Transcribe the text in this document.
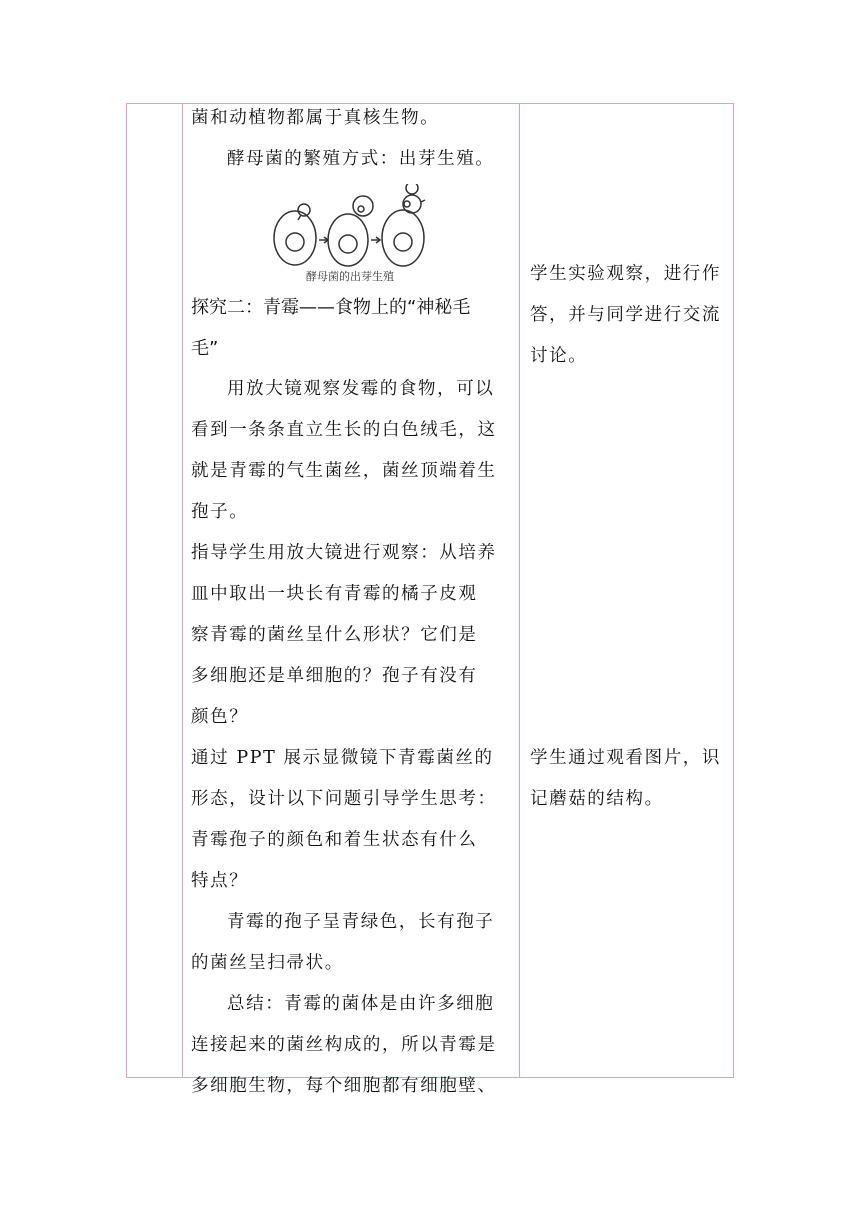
菌和动植物都属于真核生物。

酵母菌的繁殖方式：出芽生殖。

酵母菌的出芽生殖

探究二：青霉——食物上的“神秘毛

毛”

用放大镜观察发霉的食物，可以

看到一条条直立生长的白色绒毛，这

就是青霉的气生菌丝，菌丝顶端着生

孢子。

指导学生用放大镜进行观察：从培养

皿中取出一块长有青霉的橘子皮观

察青霉的菌丝呈什么形状？它们是

多细胞还是单细胞的？孢子有没有

颜色？

通过 PPT 展示显微镜下青霉菌丝的

形态，设计以下问题引导学生思考：

青霉孢子的颜色和着生状态有什么

特点？

青霉的孢子呈青绿色，长有孢子

的菌丝呈扫帚状。

总结：青霉的菌体是由许多细胞

连接起来的菌丝构成的，所以青霉是

多细胞生物，每个细胞都有细胞壁、

学生实验观察，进行作

答，并与同学进行交流

讨论。

学生通过观看图片，识

记蘑菇的结构。
